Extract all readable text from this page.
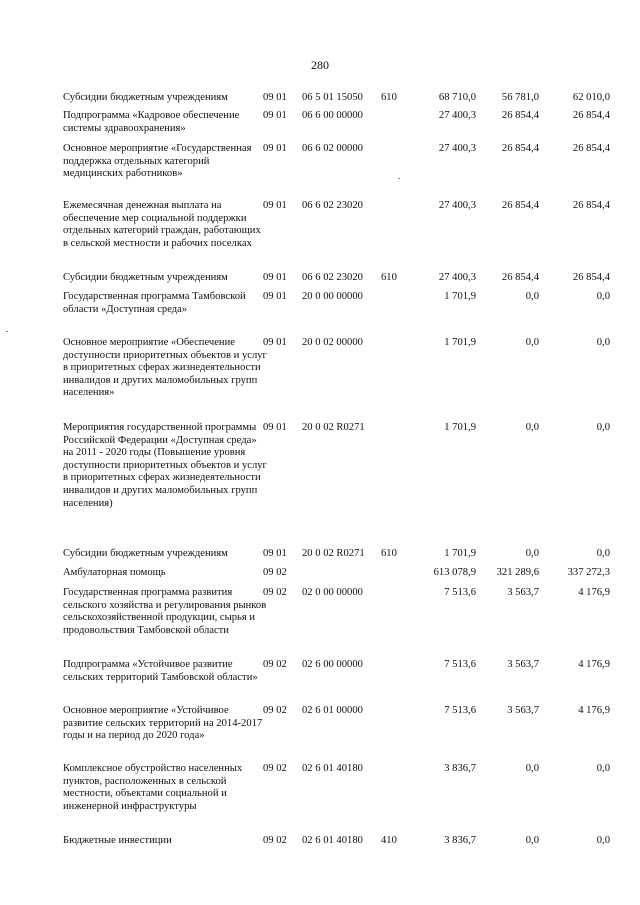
280
Субсидии бюджетным учреждениям	09 01 06 5 01 15050 610	68 710,0	56 781,0	62 010,0
Подпрограмма «Кадровое обеспечение системы здравоохранения»
09 01 06 6 00 00000	27 400,3	26 854,4	26 854,4
Основное мероприятие «Государственная поддержка отдельных категорий медицинских работников»
09 01 06 6 02 00000	27 400,3	26 854,4	26 854,4
Ежемесячная денежная выплата на обеспечение мер социальной поддержки отдельных категорий граждан, работающих в сельской местности и рабочих поселках
09 01 06 6 02 23020	27 400,3	26 854,4	26 854,4
Субсидии бюджетным учреждениям	09 01 06 6 02 23020 610	27 400,3	26 854,4	26 854,4
Государственная программа Тамбовской области «Доступная среда»
09 01 20 0 00 00000	1 701,9	0,0	0,0
Основное мероприятие «Обеспечение доступности приоритетных объектов и услуг в приоритетных сферах жизнедеятельности инвалидов и других маломобильных групп населения»
09 01 20 0 02 00000	1 701,9	0,0	0,0
Мероприятия государственной программы Российской Федерации «Доступная среда» на 2011 - 2020 годы (Повышение уровня доступности приоритетных объектов и услуг в приоритетных сферах жизнедеятельности инвалидов и других маломобильных групп населения)
09 01 20 0 02 R0271	1 701,9	0,0	0,0
Субсидии бюджетным учреждениям	09 01 20 0 02 R0271 610	1 701,9	0,0	0,0
Амбулаторная помощь	09 02	613 078,9	321 289,6	337 272,3
Государственная программа развития сельского хозяйства и регулирования рынков сельскохозяйственной продукции, сырья и продовольствия Тамбовской области
09 02 02 0 00 00000	7 513,6	3 563,7	4 176,9
Подпрограмма «Устойчивое развитие сельских территорий Тамбовской области»
09 02 02 6 00 00000	7 513,6	3 563,7	4 176,9
Основное мероприятие «Устойчивое развитие сельских территорий на 2014-2017 годы и на период до 2020 года»
09 02 02 6 01 00000	7 513,6	3 563,7	4 176,9
Комплексное обустройство населенных пунктов, расположенных в сельской местности, объектами социальной и инженерной инфраструктуры
09 02 02 6 01 40180	3 836,7	0,0	0,0
Бюджетные инвестиции	09 02 02 6 01 40180 410	3 836,7	0,0	0,0
